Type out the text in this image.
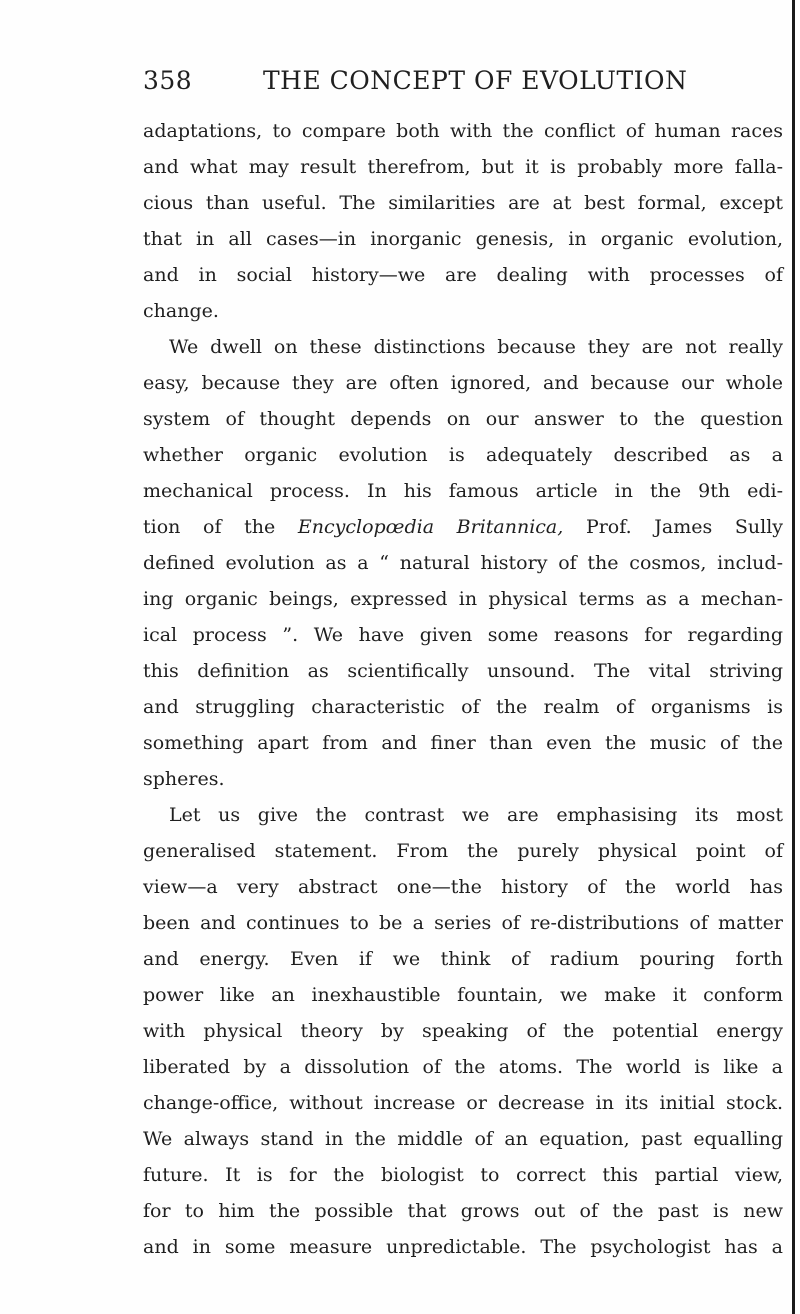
358	THE CONCEPT OF EVOLUTION
adaptations, to compare both with the conflict of human races
and what may result therefrom, but it is probably more falla-
cious than useful. The similarities are at best formal, except
that in all cases—in inorganic genesis, in organic evolution,
and in social history—we are dealing with processes of
change.
We dwell on these distinctions because they are not really
easy, because they are often ignored, and because our whole
system of thought depends on our answer to the question
whether organic evolution is adequately described as a
mechanical process. In his famous article in the 9th edi-
tion of the Encyclopœdia Britannica, Prof. James Sully
defined evolution as a “ natural history of the cosmos, includ-
ing organic beings, expressed in physical terms as a mechan-
ical process ”. We have given some reasons for regarding
this definition as scientifically unsound. The vital striving
and struggling characteristic of the realm of organisms is
something apart from and finer than even the music of the
spheres.
Let us give the contrast we are emphasising its most
generalised statement. From the purely physical point of
view—a very abstract one—the history of the world has
been and continues to be a series of re-distributions of matter
and energy. Even if we think of radium pouring forth
power like an inexhaustible fountain, we make it conform
with physical theory by speaking of the potential energy
liberated by a dissolution of the atoms. The world is like a
change-office, without increase or decrease in its initial stock.
We always stand in the middle of an equation, past equalling
future. It is for the biologist to correct this partial view,
for to him the possible that grows out of the past is new
and in some measure unpredictable. The psychologist has a
